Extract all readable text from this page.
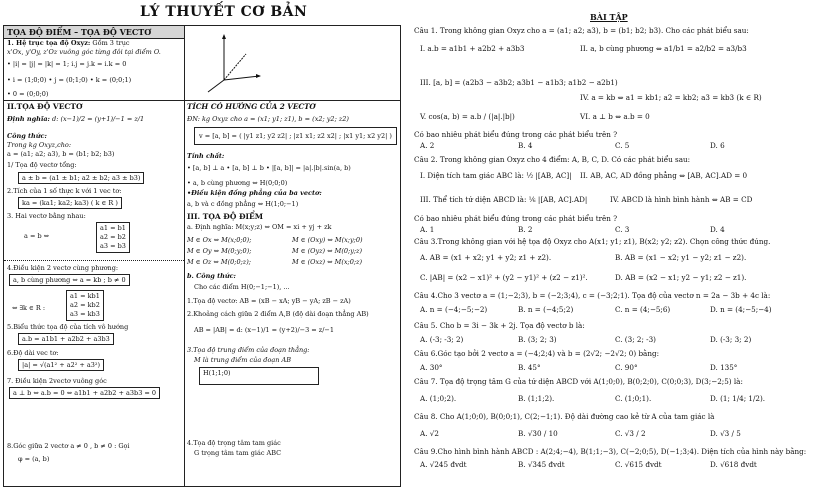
LÝ THUYẾT CƠ BẢN
TỌA ĐỘ ĐIỂM – TỌA ĐỘ VECTƠ
1. Hệ trục tọa độ Oxyz: Gồm 3 trục
x'Ox, y'Oy, z'Oz vuông góc từng đôi tại điểm O.
• |i| = |j| = |k| = 1; i.j = j.k = i.k = 0
• i = (1;0;0) • j = (0;1;0) • k = (0;0;1)
• 0 = (0;0;0)
II.TỌA ĐỘ VECTƠ
Định nghĩa: d: (x−1)/2 = (y+1)/−1 = z/1
Công thức:
Trong kg Oxyz,cho:
a = (a1; a2; a3), b = (b1; b2; b3)
1/ Tọa độ vectơ tổng:
a ± b = (a1 ± b1; a2 ± b2; a3 ± b3)
2.Tích của 1 số thực k với 1 vec tơ:
ka = (ka1; ka2; ka3) ( k ∈ R )
3. Hai vectơ bằng nhau:
a = b ⇔
a1 = b1
a2 = b2
a3 = b3
4.Điều kiện 2 vectơ cùng phương:
a, b cùng phương ⇔ a = kb ; b ≠ 0
⇔ ∃k ∈ R :
a1 = kb1
a2 = kb2
a3 = kb3
5.Biểu thức tọa độ của tích vô hướng
a.b = a1b1 + a2b2 + a3b3
6.Độ dài vec tơ:
|a| = √(a1² + a2² + a3²)
7. Điều kiện 2vectơ vuông góc
a ⊥ b ⇔ a.b = 0 ⇔ a1b1 + a2b2 + a3b3 = 0
8.Góc giữa 2 vectơ a ≠ 0 , b ≠ 0 : Gọi
φ = (a, b)
TÍCH CÓ HƯỚNG CỦA 2 VECTƠ
ĐN: kg Oxyz cho a = (x1; y1; z1), b = (x2; y2; z2)
v = [a, b] = ( |y1 z1; y2 z2| ; |z1 x1; z2 x2| ; |x1 y1; x2 y2| )
Tính chất:
• [a, b] ⊥ a • [a, b] ⊥ b • |[a, b]| = |a|.|b|.sin(a, b)
• a, b cùng phương ⇔ H(0;0;0)
•Điều kiện đồng phẳng của ba vectơ:
a, b và c đồng phẳng ⇔ H(1;0;−1)
III. TỌA ĐỘ ĐIỂM
a. Định nghĩa: M(x;y;z) ⇔ OM = xi + yj + zk
M ∈ Ox ⇔ M(x;0;0);	M ∈ (Oxy) ⇔ M(x;y;0)
M ∈ Oy ⇔ M(0;y;0);	M ∈ (Oyz) ⇔ M(0;y;z)
M ∈ Oz ⇔ M(0;0;z);	M ∈ (Oxz) ⇔ M(x;0;z)
b. Công thức:
Cho các điểm H(0;−1;−1), ...
1.Tọa độ vectơ: AB = (xB − xA; yB − yA; zB − zA)
2.Khoảng cách giữa 2 điểm A,B (độ dài đoạn thẳng AB)
AB = |AB| = d: (x−1)/1 = (y+2)/−3 = z/−1
3.Tọa độ trung điểm của đoạn thẳng:
M là trung điểm của đoạn AB
H(1;1;0)
4.Tọa độ trọng tâm tam giác
G trọng tâm tam giác ABC
BÀI TẬP
Câu 1. Trong không gian Oxyz cho a = (a1; a2; a3), b = (b1; b2; b3). Cho các phát biểu sau:
I. a.b = a1b1 + a2b2 + a3b3	II. a, b cùng phương ⇔ a1/b1 = a2/b2 = a3/b3
III. [a, b] = (a2b3 − a3b2; a3b1 − a1b3; a1b2 − a2b1)
IV. a = kb ⇔ a1 = kb1; a2 = kb2; a3 = kb3 (k ∈ R)
V. cos(a, b) = a.b / (|a|.|b|)	VI. a ⊥ b ⇔ a.b = 0
Có bao nhiêu phát biểu đúng trong các phát biểu trên ?
A. 2	B. 4	C. 5	D. 6
Câu 2. Trong không gian Oxyz cho 4 điểm: A, B, C, D. Có các phát biểu sau:
I. Diện tích tam giác ABC là: ½ |[AB, AC]| II. AB, AC, AD đồng phẳng ⇔ [AB, AC].AD = 0
III. Thể tích tứ diện ABCD là: ⅙ |[AB, AC].AD|	IV. ABCD là hình bình hành ⇔ AB = CD
Có bao nhiêu phát biểu đúng trong các phát biểu trên ?
A. 1	B. 2	C. 3	D. 4
Câu 3.Trong không gian với hệ tọa độ Oxyz cho A(x1; y1; z1), B(x2; y2; z2). Chọn công thức đúng.
A. AB = (x1 + x2; y1 + y2; z1 + z2).	B. AB = (x1 − x2; y1 − y2; z1 − z2).
C. |AB| = (x2 − x1)² + (y2 − y1)² + (z2 − z1)².	D. AB = (x2 − x1; y2 − y1; z2 − z1).
Câu 4.Cho 3 vectơ a = (1;−2;3), b = (−2;3;4), c = (−3;2;1). Tọa độ của vectơ n = 2a − 3b + 4c là:
A. n = (−4;−5;−2)	B. n = (−4;5;2)	C. n = (4;−5;6)	D. n = (4;−5;−4)
Câu 5. Cho b = 3i − 3k + 2j. Tọa độ vectơ b là:
A. (-3; -3; 2)	B. (3; 2; 3)	C. (3; 2; -3)	D. (-3; 3; 2)
Câu 6.Góc tạo bởi 2 vectơ a = (−4;2;4) và b = (2√2; −2√2; 0) bằng:
A. 30°	B. 45°	C. 90°	D. 135°
Câu 7. Tọa độ trọng tâm G của tứ diện ABCD với A(1;0;0), B(0;2;0), C(0;0;3), D(3;−2;5) là:
A. (1;0;2).	B. (1;1;2).	C. (1;0;1).	D. (1; 1/4; 1/2).
Câu 8. Cho A(1;0;0), B(0;0;1), C(2;−1;1). Độ dài đường cao kẻ từ A của tam giác là
A. √2	B. √30 / 10	C. √3 / 2	D. √3 / 5
Câu 9.Cho hình bình hành ABCD : A(2;4;−4), B(1;1;−3), C(−2;0;5), D(−1;3;4). Diện tích của hình này bằng:
A. √245 đvdt	B. √345 đvdt	C. √615 đvdt	D. √618 đvdt
